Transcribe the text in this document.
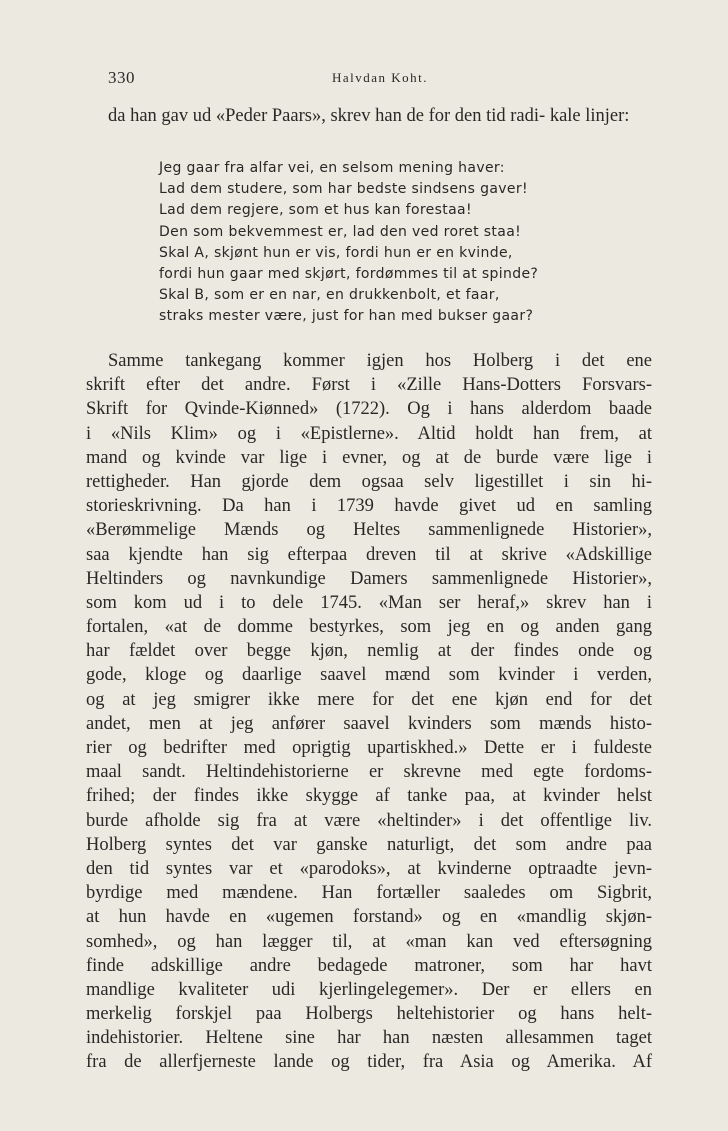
330	Halvdan Koht.
da han gav ud «Peder Paars», skrev han de for den tid radi- kale linjer:
Jeg gaar fra alfar vei, en selsom mening haver:
Lad dem studere, som har bedste sindsens gaver!
Lad dem regjere, som et hus kan forestaa!
Den som bekvemmest er, lad den ved roret staa!
Skal A, skjønt hun er vis, fordi hun er en kvinde,
fordi hun gaar med skjørt, fordømmes til at spinde?
Skal B, som er en nar, en drukkenbolt, et faar,
straks mester være, just for han med bukser gaar?
Samme tankegang kommer igjen hos Holberg i det ene
skrift efter det andre. Først i «Zille Hans-Dotters Forsvars-
Skrift for Qvinde-Kiønned» (1722). Og i hans alderdom baade
i «Nils Klim» og i «Epistlerne». Altid holdt han frem, at
mand og kvinde var lige i evner, og at de burde være lige i
rettigheder. Han gjorde dem ogsaa selv ligestillet i sin hi-
storieskrivning. Da han i 1739 havde givet ud en samling
«Berømmelige Mænds og Heltes sammenlignede Historier»,
saa kjendte han sig efterpaa dreven til at skrive «Adskillige
Heltinders og navnkundige Damers sammenlignede Historier»,
som kom ud i to dele 1745. «Man ser heraf,» skrev han i
fortalen, «at de domme bestyrkes, som jeg en og anden gang
har fældet over begge kjøn, nemlig at der findes onde og
gode, kloge og daarlige saavel mænd som kvinder i verden,
og at jeg smigrer ikke mere for det ene kjøn end for det
andet, men at jeg anfører saavel kvinders som mænds histo-
rier og bedrifter med oprigtig upartiskhed.» Dette er i fuldeste
maal sandt. Heltindehistorierne er skrevne med egte fordoms-
frihed; der findes ikke skygge af tanke paa, at kvinder helst
burde afholde sig fra at være «heltinder» i det offentlige liv.
Holberg syntes det var ganske naturligt, det som andre paa
den tid syntes var et «parodoks», at kvinderne optraadte jevn-
byrdige med mændene. Han fortæller saaledes om Sigbrit,
at hun havde en «ugemen forstand» og en «mandlig skjøn-
somhed», og han lægger til, at «man kan ved eftersøgning
finde adskillige andre bedagede matroner, som har havt
mandlige kvaliteter udi kjerlingelegemer». Der er ellers en
merkelig forskjel paa Holbergs heltehistorier og hans helt-
indehistorier. Heltene sine har han næsten allesammen taget
fra de allerfjerneste lande og tider, fra Asia og Amerika. Af
